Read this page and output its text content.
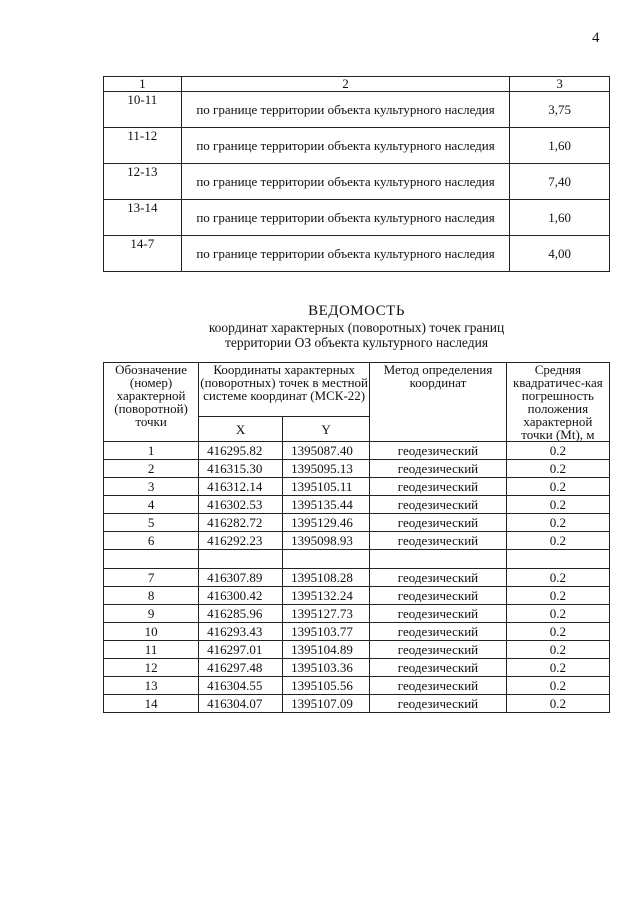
4
1	2	3
10-11	по границе территории объекта культурного наследия	3,75
11-12	по границе территории объекта культурного наследия	1,60
12-13	по границе территории объекта культурного наследия	7,40
13-14	по границе территории объекта культурного наследия	1,60
14-7	по границе территории объекта культурного наследия	4,00
ВЕДОМОСТЬ
координат характерных (поворотных) точек границ
территории ОЗ объекта культурного наследия
Обозначение (номер) характерной (поворотной) точки	Координаты характерных (поворотных) точек в местной системе координат (МСК-22)		Метод определения координат	Средняя квадратичес-кая погрешность положения характерной точки (Mt), м
	X	Y		
1	416295.82	1395087.40	геодезический	0.2
2	416315.30	1395095.13	геодезический	0.2
3	416312.14	1395105.11	геодезический	0.2
4	416302.53	1395135.44	геодезический	0.2
5	416282.72	1395129.46	геодезический	0.2
6	416292.23	1395098.93	геодезический	0.2

7	416307.89	1395108.28	геодезический	0.2
8	416300.42	1395132.24	геодезический	0.2
9	416285.96	1395127.73	геодезический	0.2
10	416293.43	1395103.77	геодезический	0.2
11	416297.01	1395104.89	геодезический	0.2
12	416297.48	1395103.36	геодезический	0.2
13	416304.55	1395105.56	геодезический	0.2
14	416304.07	1395107.09	геодезический	0.2
